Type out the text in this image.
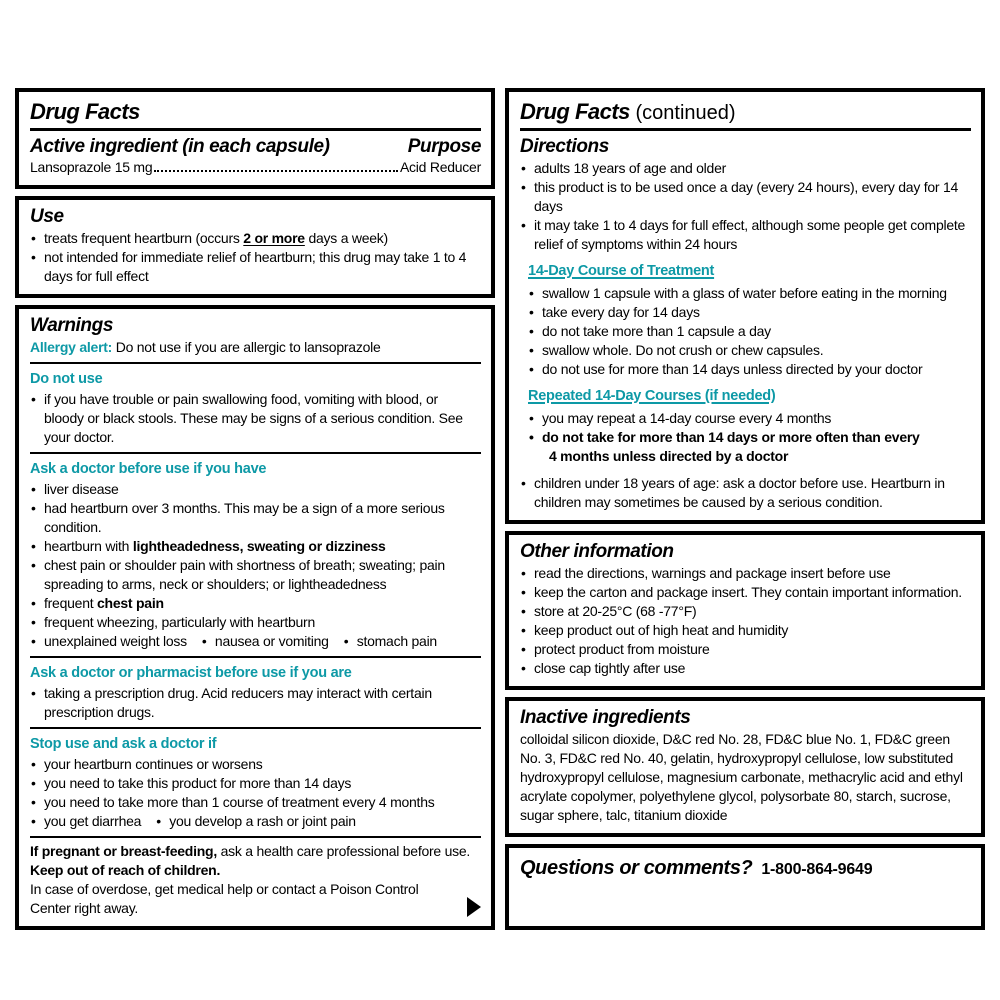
Drug Facts
Active ingredient (in each capsule)	Purpose
Lansoprazole 15 mg	Acid Reducer
Use
• treats frequent heartburn (occurs 2 or more days a week)
• not intended for immediate relief of heartburn; this drug may take 1 to 4 days for full effect
Warnings

Allergy alert: Do not use if you are allergic to lansoprazole

Do not use
• if you have trouble or pain swallowing food, vomiting with blood, or bloody or black stools. These may be signs of a serious condition. See your doctor.
Ask a doctor before use if you have
• liver disease
• had heartburn over 3 months. This may be a sign of a more serious condition.
• heartburn with lightheadedness, sweating or dizziness
• chest pain or shoulder pain with shortness of breath; sweating; pain spreading to arms, neck or shoulders; or lightheadedness
• frequent chest pain
• frequent wheezing, particularly with heartburn
• unexplained weight loss	• nausea or vomiting	• stomach pain
Ask a doctor or pharmacist before use if you are
• taking a prescription drug. Acid reducers may interact with certain prescription drugs.
Stop use and ask a doctor if
• your heartburn continues or worsens
• you need to take this product for more than 14 days
• you need to take more than 1 course of treatment every 4 months
• you get diarrhea	• you develop a rash or joint pain

If pregnant or breast-feeding, ask a health care professional before use.

Keep out of reach of children.

In case of overdose, get medical help or contact a Poison Control Center right away.

Drug Facts (continued)
Directions
• adults 18 years of age and older
• this product is to be used once a day (every 24 hours), every day for 14 days
• it may take 1 to 4 days for full effect, although some people get complete relief of symptoms within 24 hours
14-Day Course of Treatment
• swallow 1 capsule with a glass of water before eating in the morning
• take every day for 14 days
• do not take more than 1 capsule a day
• swallow whole. Do not crush or chew capsules.
• do not use for more than 14 days unless directed by your doctor
Repeated 14-Day Courses (if needed)
• you may repeat a 14-day course every 4 months
• do not take for more than 14 days or more often than every
4 months unless directed by a doctor
• children under 18 years of age: ask a doctor before use. Heartburn in children may sometimes be caused by a serious condition.
Other information
• read the directions, warnings and package insert before use
• keep the carton and package insert. They contain important information.
• store at 20-25°C (68 -77°F)
• keep product out of high heat and humidity
• protect product from moisture
• close cap tightly after use
Inactive ingredients

colloidal silicon dioxide, D&C red No. 28, FD&C blue No. 1, FD&C green No. 3, FD&C red No. 40, gelatin, hydroxypropyl cellulose, low substituted hydroxypropyl cellulose, magnesium carbonate, methacrylic acid and ethyl acrylate copolymer, polyethylene glycol, polysorbate 80, starch, sucrose, sugar sphere, talc, titanium dioxide

Questions or comments? 1-800-864-9649
